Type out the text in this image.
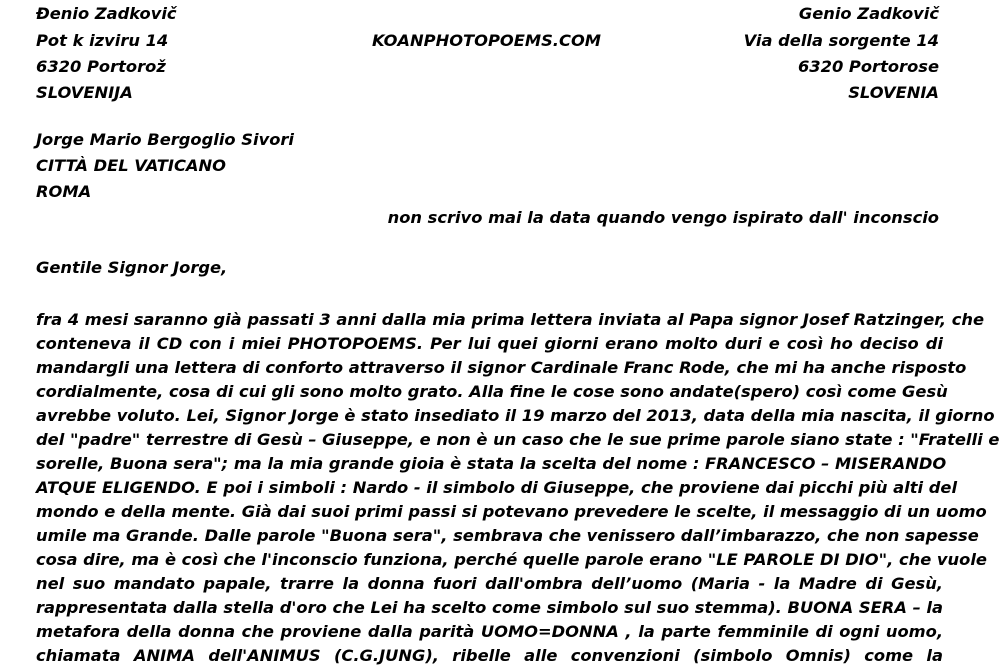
Đenio Zadkovič
Pot k izviru 14
6320 Portorož
SLOVENIJA
KOANPHOTOPOEMS.COM
Genio Zadkovič
Via della sorgente 14
6320 Portorose
SLOVENIA
Jorge Mario Bergoglio Sivori
CITTÀ DEL VATICANO
ROMA
non scrivo mai la data quando vengo ispirato dall' inconscio
Gentile Signor Jorge,
fra 4 mesi saranno già passati 3 anni dalla mia prima lettera inviata al Papa signor Josef Ratzinger, che
conteneva il CD con i miei PHOTOPOEMS. Per lui quei giorni erano molto duri e così ho deciso di
mandargli una lettera di conforto attraverso il signor Cardinale Franc Rode, che mi ha anche risposto
cordialmente, cosa di cui gli sono molto grato. Alla fine le cose sono andate(spero) così come Gesù
avrebbe voluto. Lei, Signor Jorge è stato insediato il 19 marzo del 2013, data della mia nascita, il giorno
del "padre" terrestre di Gesù – Giuseppe, e non è un caso che le sue prime parole siano state : "Fratelli e
sorelle, Buona sera"; ma la mia grande gioia è stata la scelta del nome : FRANCESCO – MISERANDO
ATQUE ELIGENDO. E poi i simboli : Nardo - il simbolo di Giuseppe, che proviene dai picchi più alti del
mondo e della mente. Già dai suoi primi passi si potevano prevedere le scelte, il messaggio di un uomo
umile ma Grande. Dalle parole "Buona sera", sembrava che venissero dall’imbarazzo, che non sapesse
cosa dire, ma è così che l'inconscio funziona, perché quelle parole erano "LE PAROLE DI DIO", che vuole
nel suo mandato papale, trarre la donna fuori dall'ombra dell’uomo (Maria - la Madre di Gesù,
rappresentata dalla stella d'oro che Lei ha scelto come simbolo sul suo stemma). BUONA SERA – la
metafora della donna che proviene dalla parità UOMO=DONNA , la parte femminile di ogni uomo,
chiamata ANIMA dell'ANIMUS (C.G.JUNG), ribelle alle convenzioni (simbolo Omnis) come la
